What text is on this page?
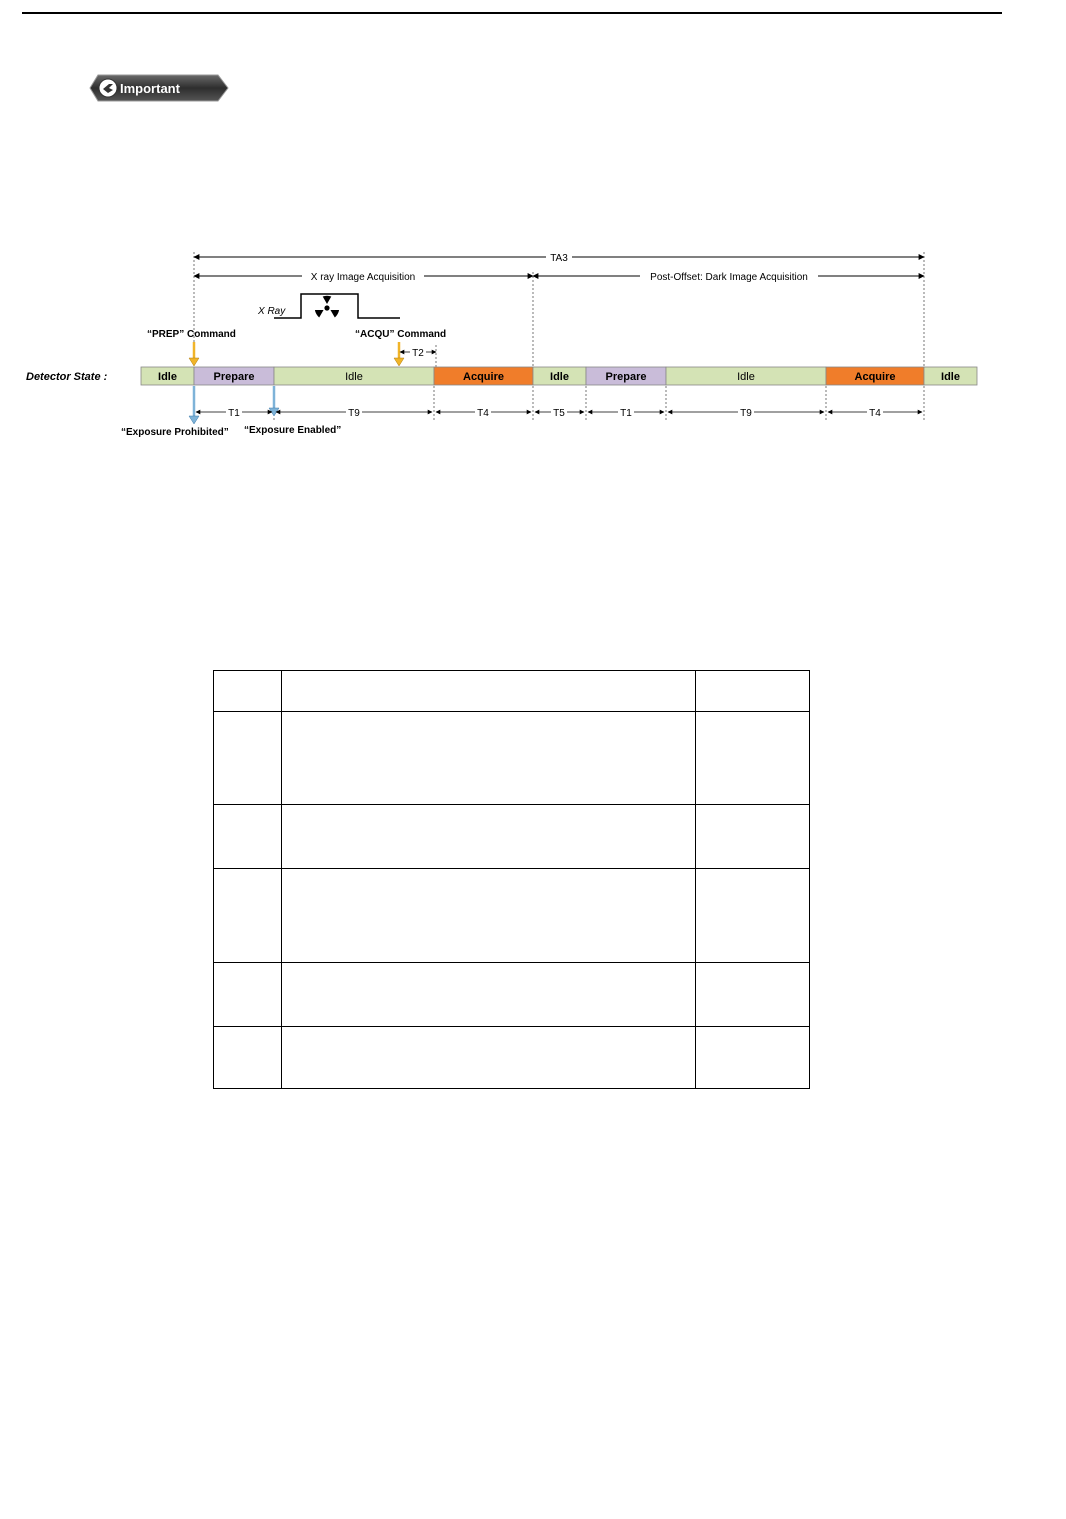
Important
TA3
X ray Image Acquisition	Post-Offset: Dark Image Acquisition
X Ray
“PREP” Command	“ACQU” Command
T2
Detector State :	Idle	Prepare	Idle	Acquire	Idle	Prepare	Idle	Acquire	Idle
T1	T9	T4	T5	T1	T9	T4
“Exposure Prohibited” “Exposure Enabled”
